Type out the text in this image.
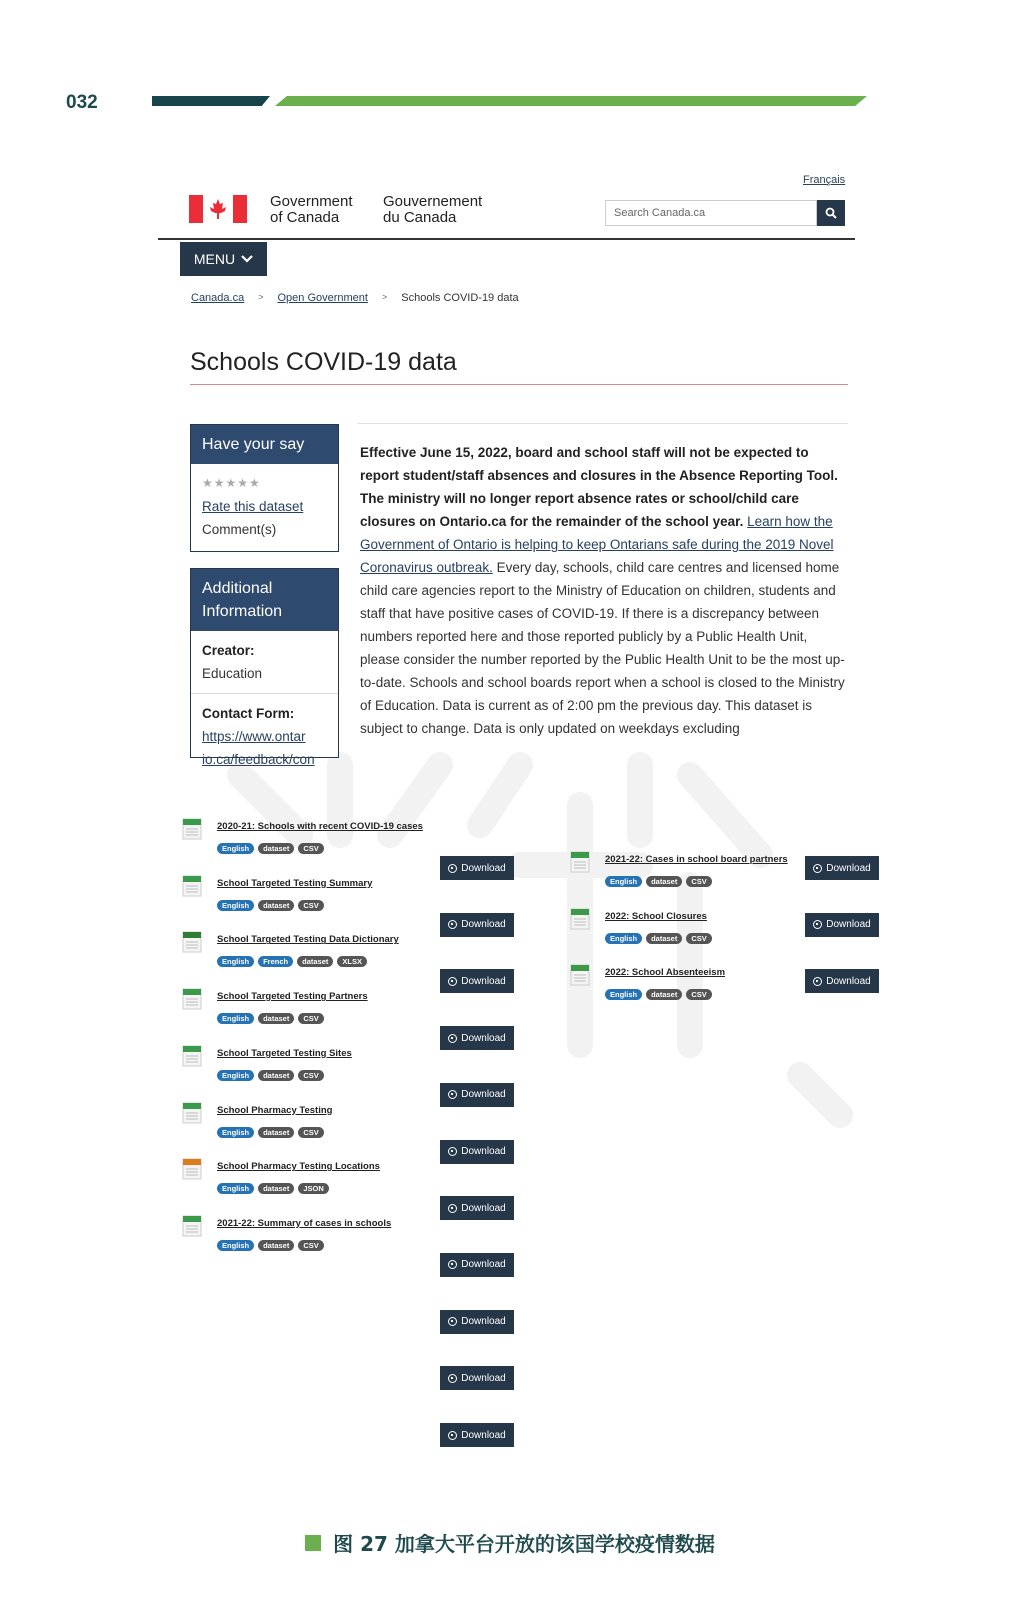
032
Français
Government
of Canada
Gouvernement
du Canada	Search Canada.ca
MENU
Canada.ca > Open Government > Schools COVID-19 data
Schools COVID-19 data
Have your say
★★★★★
Rate this dataset
Comment(s)
Additional
Information
Creator:
Education
Contact Form:
https://www.ontar
io.ca/feedback/con
Effective June 15, 2022, board and school staff will not be expected to report student/staff absences and closures in the Absence Reporting Tool. The ministry will no longer report absence rates or school/child care closures on Ontario.ca for the remainder of the school year. Learn how the Government of Ontario is helping to keep Ontarians safe during the 2019 Novel Coronavirus outbreak. Every day, schools, child care centres and licensed home child care agencies report to the Ministry of Education on children, students and staff that have positive cases of COVID-19. If there is a discrepancy between numbers reported here and those reported publicly by a Public Health Unit, please consider the number reported by the Public Health Unit to be the most up-to-date. Schools and school boards report when a school is closed to the Ministry of Education. Data is current as of 2:00 pm the previous day. This dataset is subject to change. Data is only updated on weekdays excluding
2020-21: Schools with recent COVID-19 cases
English	dataset	CSV
School Targeted Testing Summary
English	dataset	CSV
School Targeted Testing Data Dictionary
English	French	dataset	XLSX
School Targeted Testing Partners
English	dataset	CSV
School Targeted Testing Sites
English	dataset	CSV
School Pharmacy Testing
English	dataset	CSV
School Pharmacy Testing Locations
English	dataset	JSON
2021-22: Summary of cases in schools
English	dataset	CSV
2021-22: Cases in school board partners
English	dataset	CSV
2022: School Closures
English	dataset	CSV
2022: School Absenteeism
English	dataset	CSV
Download
Download
Download
Download
Download
Download
Download
Download
Download
Download
Download
Download
Download
Download
图 27 加拿大平台开放的该国学校疫情数据
